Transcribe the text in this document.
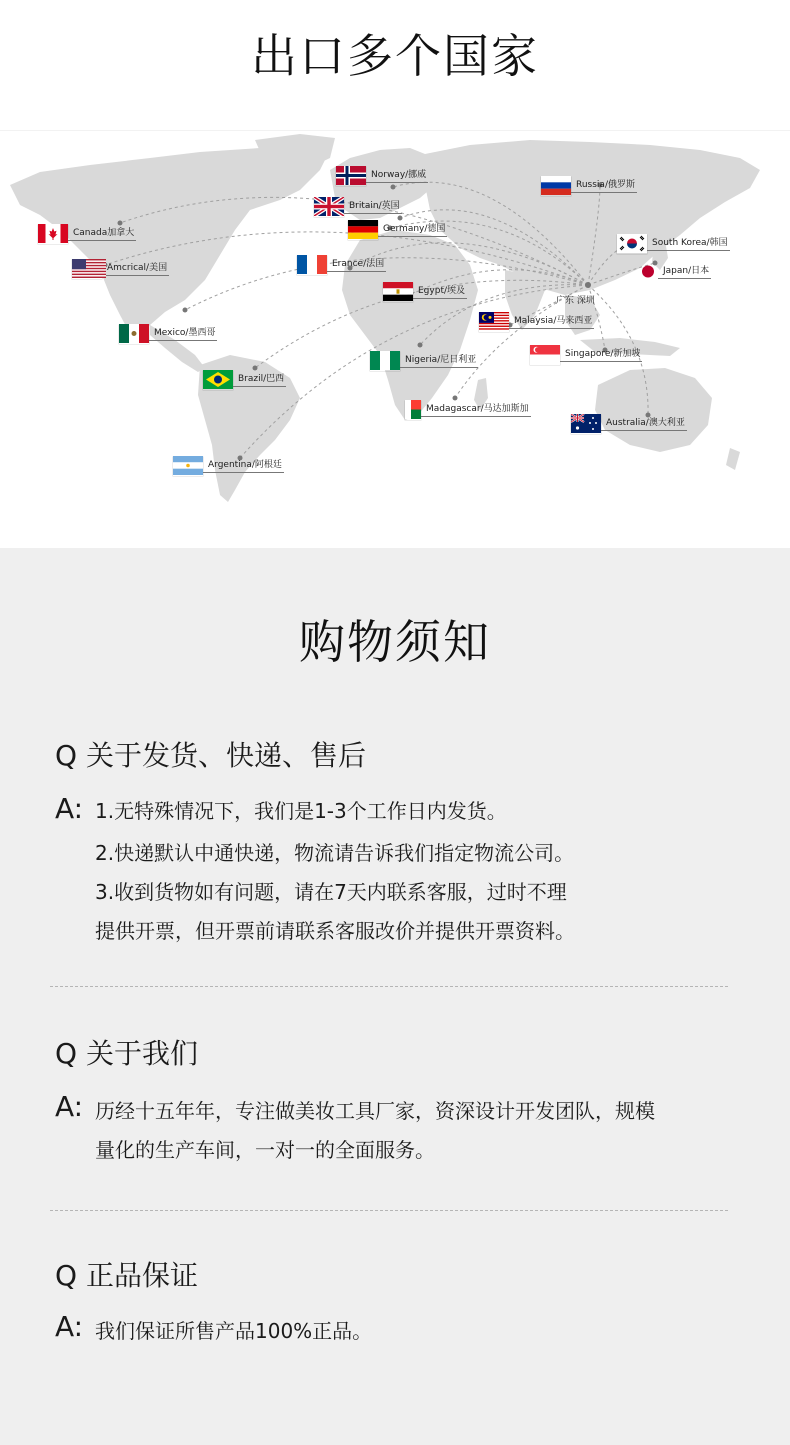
出口多个国家
广东 深圳
Norway/挪威
Russia/俄罗斯
Britain/英国
Germany/德国
Canada加拿大
South Korea/韩国
Amcrical/美国	Erance/法国
Japan/日本
Egypt/埃及
Malaysia/马来西亚
Mexico/墨西哥
Nigeria/尼日利亚
Singapore/新加坡
Brazil/巴西
Madagascar/马达加斯加
Australia/澳大利亚
Argentina/阿根廷
购物须知
Q 关于发货、快递、售后
A: 1.无特殊情况下，我们是1-3个工作日内发货。
2.快递默认中通快递，物流请告诉我们指定物流公司。
3.收到货物如有问题，请在7天内联系客服，过时不理
提供开票，但开票前请联系客服改价并提供开票资料。
Q 关于我们
A: 历经十五年年，专注做美妆工具厂家，资深设计开发团队，规模
量化的生产车间，一对一的全面服务。
Q 正品保证
A: 我们保证所售产品100%正品。
